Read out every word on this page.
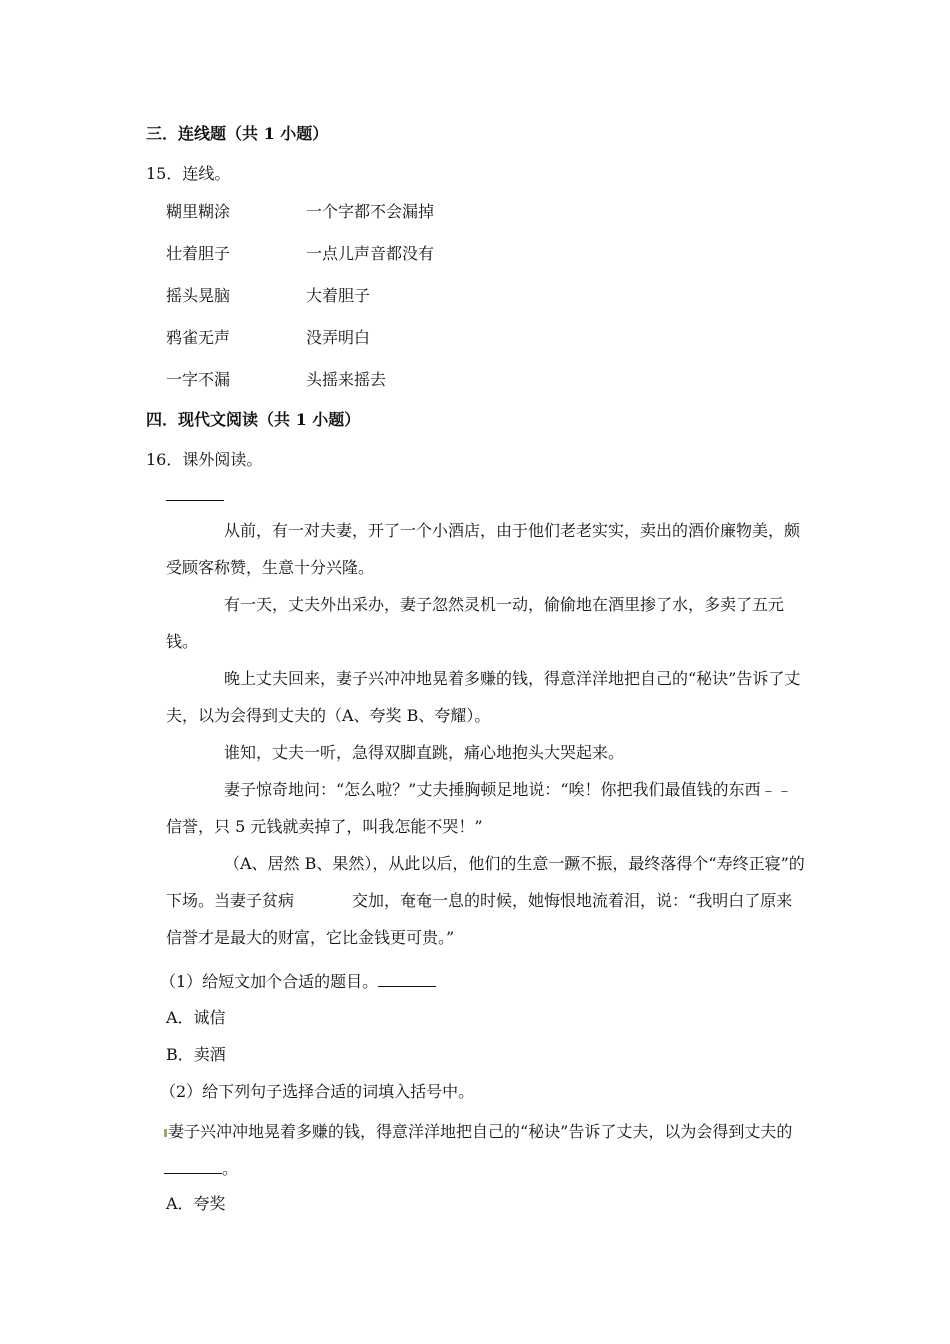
三．连线题（共 1 小题）
15．连线。
糊里糊涂	一个字都不会漏掉
壮着胆子	一点儿声音都没有
摇头晃脑	大着胆子
鸦雀无声	没弄明白
一字不漏	头摇来摇去
四．现代文阅读（共 1 小题）
16．课外阅读。
从前，有一对夫妻，开了一个小酒店，由于他们老老实实，卖出的酒价廉物美，颇受顾客称赞，生意十分兴隆。
有一天，丈夫外出采办，妻子忽然灵机一动，偷偷地在酒里掺了水，多卖了五元钱。
晚上丈夫回来，妻子兴冲冲地晃着多赚的钱，得意洋洋地把自己的“秘诀”告诉了丈夫，以为会得到丈夫的（A、夸奖 B、夸耀）。
谁知，丈夫一听，急得双脚直跳，痛心地抱头大哭起来。
妻子惊奇地问：“怎么啦？”丈夫捶胸顿足地说：“唉！你把我们最值钱的东西﹣﹣信誉，只 5 元钱就卖掉了，叫我怎能不哭！”
（A、居然 B、果然），从此以后，他们的生意一蹶不振，最终落得个“寿终正寝”的下场。当妻子贫病	交加，奄奄一息的时候，她悔恨地流着泪，说：“我明白了原来信誉才是最大的财富，它比金钱更可贵。”
（1）给短文加个合适的题目。
A．诚信
B．卖酒
（2）给下列句子选择合适的词填入括号中。
妻子兴冲冲地晃着多赚的钱，得意洋洋地把自己的“秘诀”告诉了丈夫，以为会得到丈夫的。
A．夸奖
